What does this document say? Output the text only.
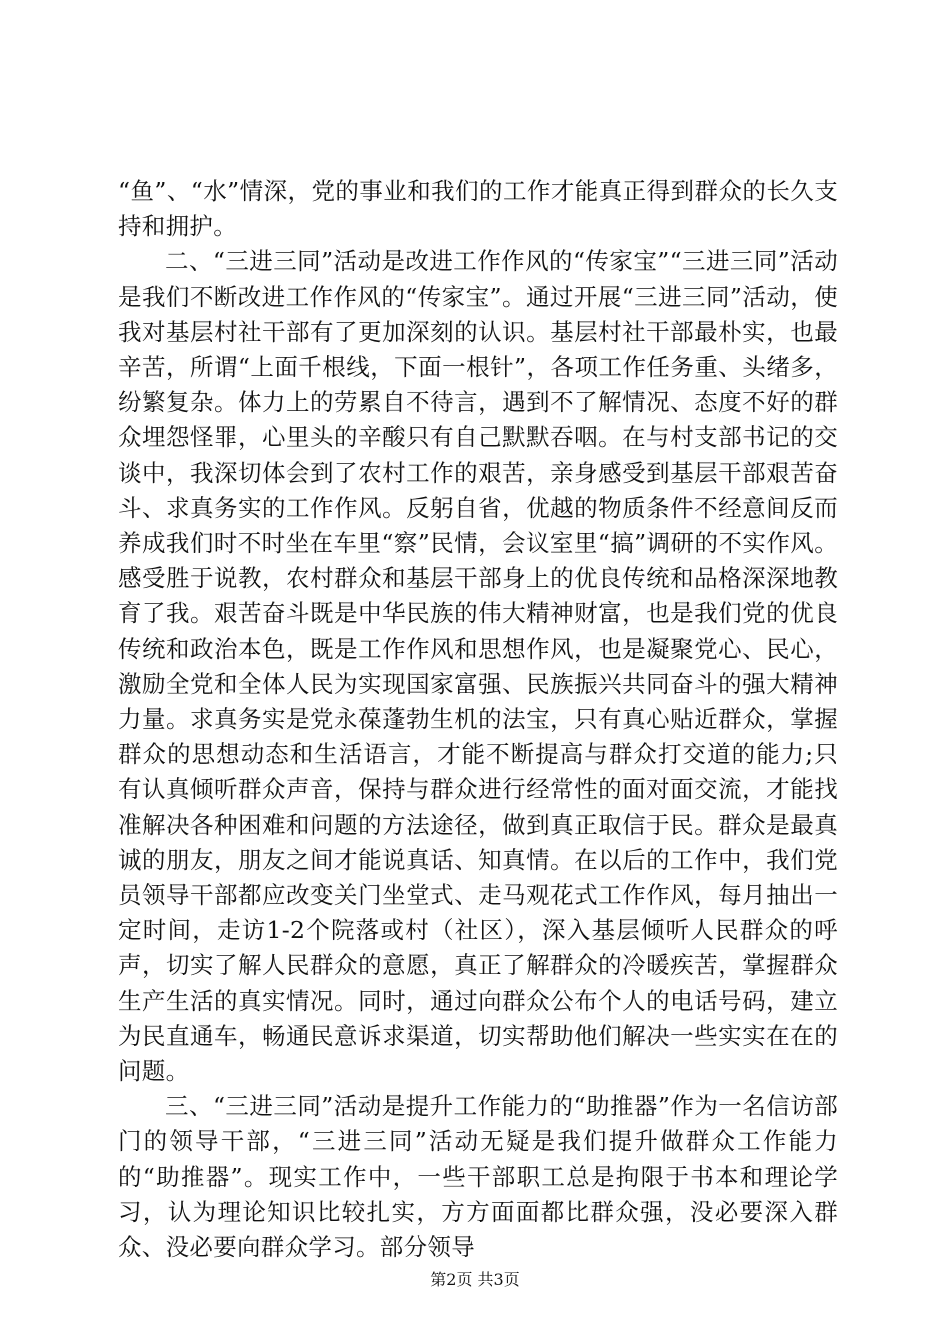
“鱼”、“水”情深，党的事业和我们的工作才能真正得到群众的长久支持和拥护。

二、“三进三同”活动是改进工作作风的“传家宝”“三进三同”活动是我们不断改进工作作风的“传家宝”。通过开展“三进三同”活动，使我对基层村社干部有了更加深刻的认识。基层村社干部最朴实，也最辛苦，所谓“上面千根线，下面一根针”，各项工作任务重、头绪多，纷繁复杂。体力上的劳累自不待言，遇到不了解情况、态度不好的群众埋怨怪罪，心里头的辛酸只有自己默默吞咽。在与村支部书记的交谈中，我深切体会到了农村工作的艰苦，亲身感受到基层干部艰苦奋斗、求真务实的工作作风。反躬自省，优越的物质条件不经意间反而养成我们时不时坐在车里“察”民情，会议室里“搞”调研的不实作风。感受胜于说教，农村群众和基层干部身上的优良传统和品格深深地教育了我。艰苦奋斗既是中华民族的伟大精神财富，也是我们党的优良传统和政治本色，既是工作作风和思想作风，也是凝聚党心、民心，激励全党和全体人民为实现国家富强、民族振兴共同奋斗的强大精神力量。求真务实是党永葆蓬勃生机的法宝，只有真心贴近群众，掌握群众的思想动态和生活语言，才能不断提高与群众打交道的能力;只有认真倾听群众声音，保持与群众进行经常性的面对面交流，才能找准解决各种困难和问题的方法途径，做到真正取信于民。群众是最真诚的朋友，朋友之间才能说真话、知真情。在以后的工作中，我们党员领导干部都应改变关门坐堂式、走马观花式工作作风，每月抽出一定时间，走访1-2个院落或村（社区），深入基层倾听人民群众的呼声，切实了解人民群众的意愿，真正了解群众的冷暖疾苦，掌握群众生产生活的真实情况。同时，通过向群众公布个人的电话号码，建立为民直通车，畅通民意诉求渠道，切实帮助他们解决一些实实在在的问题。

三、“三进三同”活动是提升工作能力的“助推器”作为一名信访部门的领导干部，“三进三同”活动无疑是我们提升做群众工作能力的“助推器”。现实工作中，一些干部职工总是拘限于书本和理论学习，认为理论知识比较扎实，方方面面都比群众强，没必要深入群众、没必要向群众学习。部分领导

第2页 共3页
